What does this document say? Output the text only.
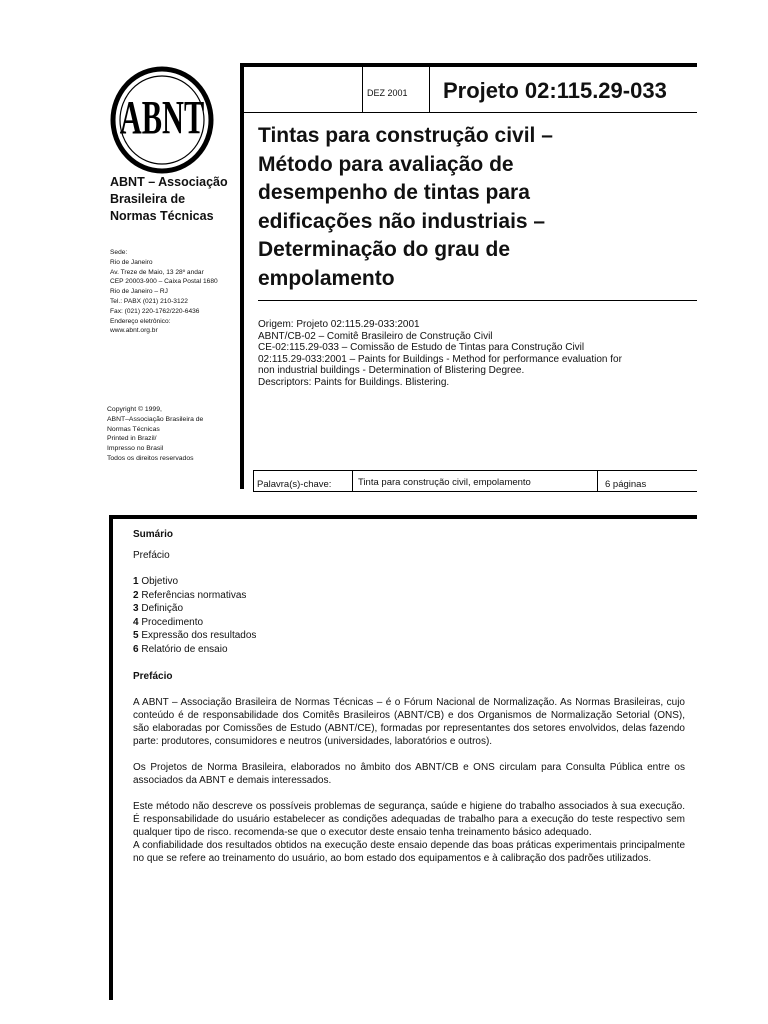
ABNT
ABNT – Associação
Brasileira de
Normas Técnicas
Sede:
Rio de Janeiro
Av. Treze de Maio, 13 28º andar
CEP 20003-900 – Caixa Postal 1680
Rio de Janeiro – RJ
Tel.: PABX (021) 210-3122
Fax: (021) 220-1762/220-6436
Endereço eletrônico:
www.abnt.org.br
Copyright © 1999,
ABNT–Associação Brasileira de
Normas Técnicas
Printed in Brazil/
Impresso no Brasil
Todos os direitos reservados
DEZ 2001 Projeto 02:115.29-033
Tintas para construção civil –
Método para avaliação de
desempenho de tintas para
edificações não industriais –
Determinação do grau de
empolamento
Origem: Projeto 02:115.29-033:2001
ABNT/CB-02 – Comitê Brasileiro de Construção Civil
CE-02:115.29-033 – Comissão de Estudo de Tintas para Construção Civil
02:115.29-033:2001 – Paints for Buildings - Method for performance evaluation for
non industrial buildings - Determination of Blistering Degree.
Descriptors: Paints for Buildings. Blistering.
Palavra(s)-chave:	Tinta para construção civil, empolamento	6 páginas

Sumário

Prefácio

1 Objetivo
2 Referências normativas
3 Definição
4 Procedimento
5 Expressão dos resultados
6 Relatório de ensaio

Prefácio

A ABNT – Associação Brasileira de Normas Técnicas – é o Fórum Nacional de Normalização. As Normas Brasileiras, cujo conteúdo é de responsabilidade dos Comitês Brasileiros (ABNT/CB) e dos Organismos de Normalização Setorial (ONS), são elaboradas por Comissões de Estudo (ABNT/CE), formadas por representantes dos setores envolvidos, delas fazendo parte: produtores, consumidores e neutros (universidades, laboratórios e outros).

Os Projetos de Norma Brasileira, elaborados no âmbito dos ABNT/CB e ONS circulam para Consulta Pública entre os associados da ABNT e demais interessados.

Este método não descreve os possíveis problemas de segurança, saúde e higiene do trabalho associados à sua execução. É responsabilidade do usuário estabelecer as condições adequadas de trabalho para a execução do teste respectivo sem qualquer tipo de risco. recomenda-se que o executor deste ensaio tenha treinamento básico adequado.

A confiabilidade dos resultados obtidos na execução deste ensaio depende das boas práticas experimentais principalmente no que se refere ao treinamento do usuário, ao bom estado dos equipamentos e à calibração dos padrões utilizados.
